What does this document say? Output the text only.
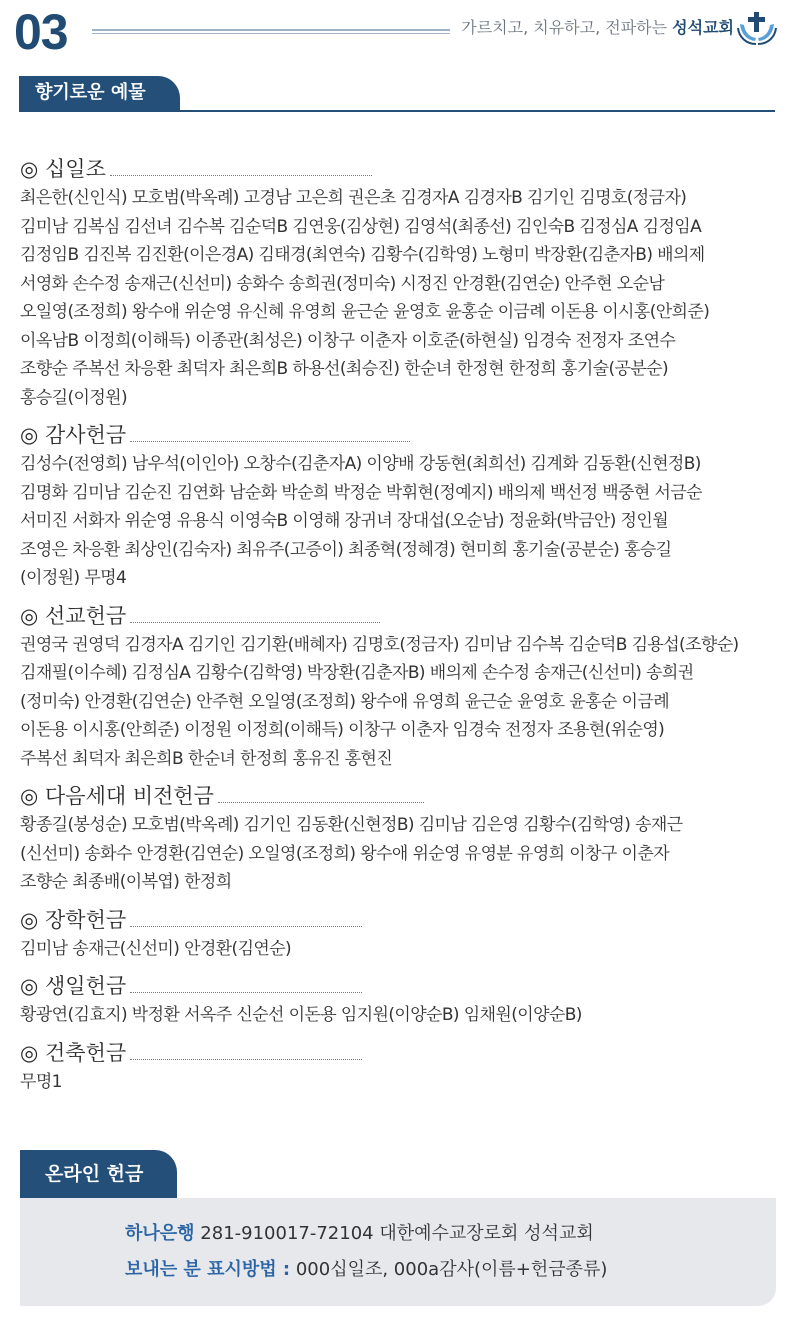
03	가르치고, 치유하고, 전파하는 성석교회
향기로운 예물
◎ 십일조
최은한(신인식) 모호범(박옥례) 고경남 고은희 권은초 김경자A 김경자B 김기인 김명호(정금자)
김미남 김복심 김선녀 김수복 김순덕B 김연웅(김상현) 김영석(최종선) 김인숙B 김정심A 김정임A
김정임B 김진복 김진환(이은경A) 김태경(최연숙) 김황수(김학영) 노형미 박장환(김춘자B) 배의제
서영화 손수정 송재근(신선미) 송화수 송희권(정미숙) 시정진 안경환(김연순) 안주현 오순남
오일영(조정희) 왕수애 위순영 유신혜 유영희 윤근순 윤영호 윤홍순 이금례 이돈용 이시홍(안희준)
이옥남B 이정희(이해득) 이종관(최성은) 이창구 이춘자 이호준(하현실) 임경숙 전정자 조연수
조향순 주복선 차응환 최덕자 최은희B 하용선(최승진) 한순녀 한정현 한정희 홍기술(공분순)
홍승길(이정원)
◎ 감사헌금
김성수(전영희) 남우석(이인아) 오창수(김춘자A) 이양배 강동현(최희선) 김계화 김동환(신현정B)
김명화 김미남 김순진 김연화 남순화 박순희 박정순 박휘현(정예지) 배의제 백선정 백중현 서금순
서미진 서화자 위순영 유용식 이영숙B 이영해 장귀녀 장대섭(오순남) 정윤화(박금안) 정인월
조영은 차응환 최상인(김숙자) 최유주(고증이) 최종혁(정혜경) 현미희 홍기술(공분순) 홍승길
(이정원) 무명4
◎ 선교헌금
권영국 권영덕 김경자A 김기인 김기환(배혜자) 김명호(정금자) 김미남 김수복 김순덕B 김용섭(조향순)
김재필(이수혜) 김정심A 김황수(김학영) 박장환(김춘자B) 배의제 손수정 송재근(신선미) 송희권
(정미숙) 안경환(김연순) 안주현 오일영(조정희) 왕수애 유영희 윤근순 윤영호 윤홍순 이금례
이돈용 이시홍(안희준) 이정원 이정희(이해득) 이창구 이춘자 임경숙 전정자 조용현(위순영)
주복선 최덕자 최은희B 한순녀 한정희 홍유진 홍현진
◎ 다음세대 비전헌금
황종길(봉성순) 모호범(박옥례) 김기인 김동환(신현정B) 김미남 김은영 김황수(김학영) 송재근
(신선미) 송화수 안경환(김연순) 오일영(조정희) 왕수애 위순영 유영분 유영희 이창구 이춘자
조향순 최종배(이복엽) 한정희
◎ 장학헌금
김미남 송재근(신선미) 안경환(김연순)
◎ 생일헌금
황광연(김효지) 박정환 서옥주 신순선 이돈용 임지원(이양순B) 임채원(이양순B)
◎ 건축헌금
무명1
온라인 헌금
하나은행 281-910017-72104 대한예수교장로회 성석교회
보내는 분 표시방법 : 000십일조, 000a감사(이름+헌금종류)
